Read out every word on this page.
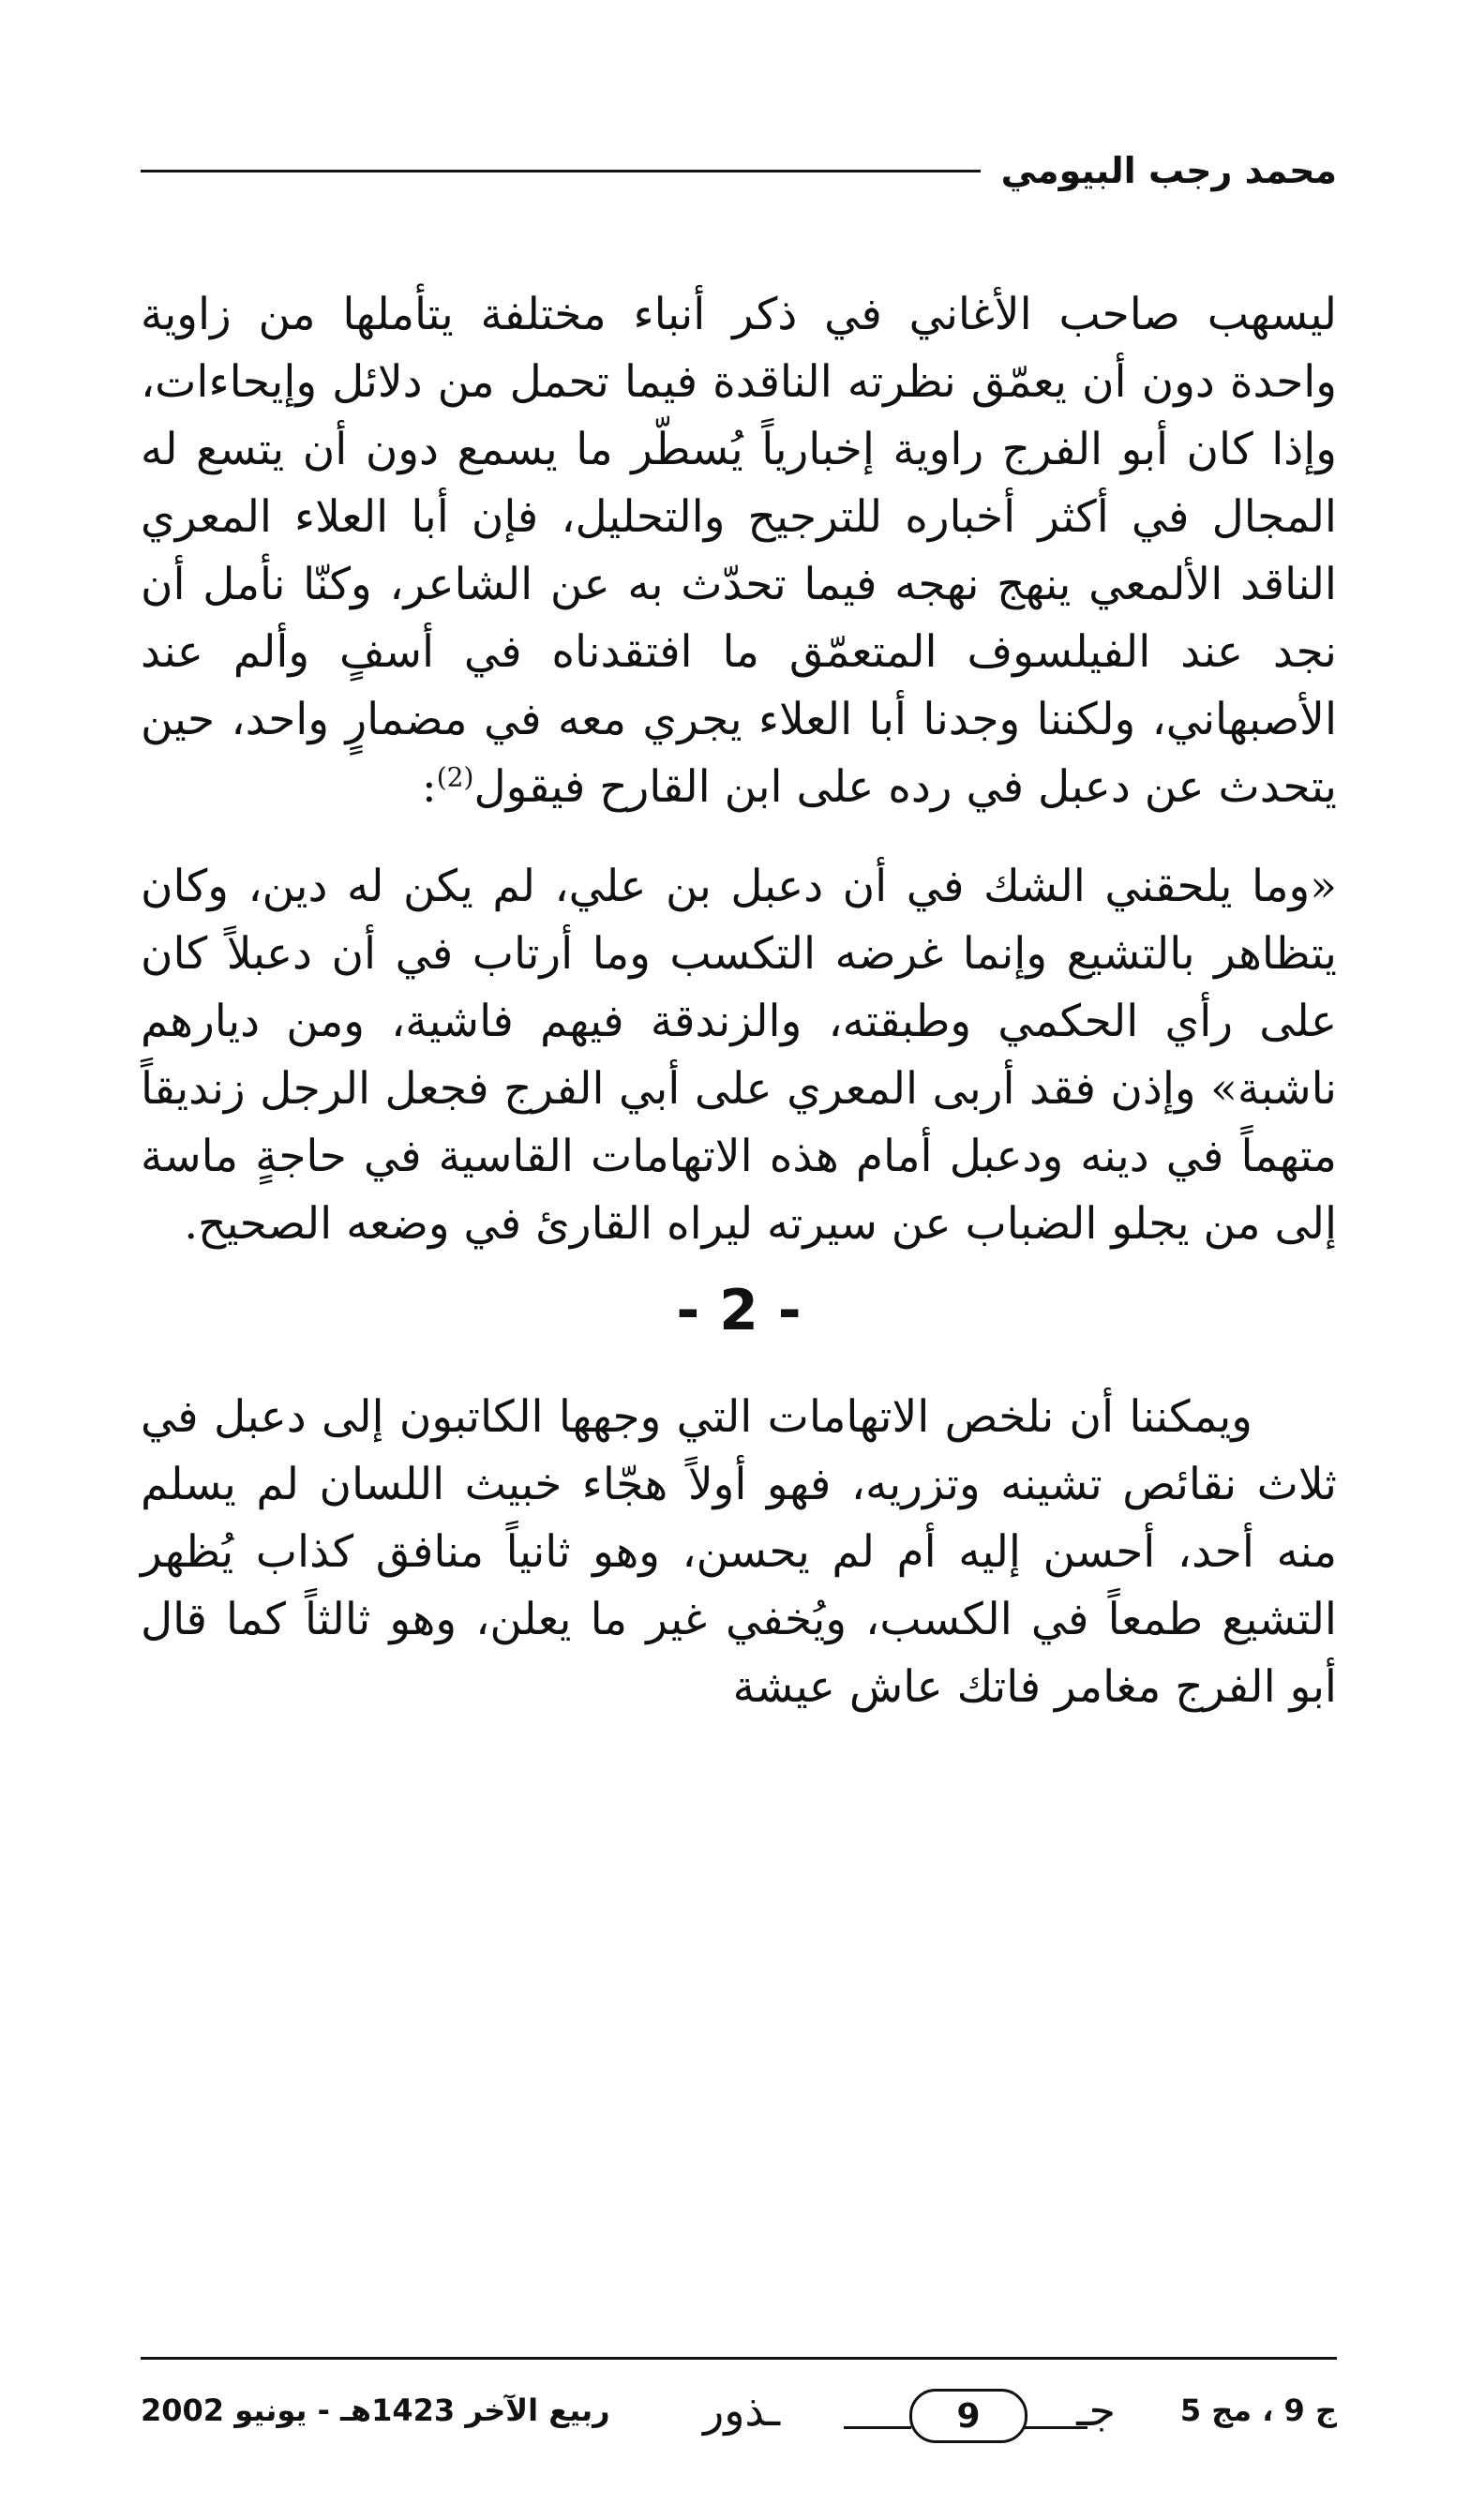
محمد رجب البيومي

ليسهب صاحب الأغاني في ذكر أنباء مختلفة يتأملها من زاوية واحدة دون أن يعمّق نظرته الناقدة فيما تحمل من دلائل وإيحاءات، وإذا كان أبو الفرج راوية إخبارياً يُسطّر ما يسمع دون أن يتسع له المجال في أكثر أخباره للترجيح والتحليل، فإن أبا العلاء المعري الناقد الألمعي ينهج نهجه فيما تحدّث به عن الشاعر، وكنّا نأمل أن نجد عند الفيلسوف المتعمّق ما افتقدناه في أسفٍ وألم عند الأصبهاني، ولكننا وجدنا أبا العلاء يجري معه في مضمارٍ واحد، حين يتحدث عن دعبل في رده على ابن القارح فيقول$^{(2)}$:

«وما يلحقني الشك في أن دعبل بن علي، لم يكن له دين، وكان يتظاهر بالتشيع وإنما غرضه التكسب وما أرتاب في أن دعبلاً كان على رأي الحكمي وطبقته، والزندقة فيهم فاشية، ومن ديارهم ناشبة» وإذن فقد أربى المعري على أبي الفرج فجعل الرجل زنديقاً متهماً في دينه ودعبل أمام هذه الاتهامات القاسية في حاجةٍ ماسة إلى من يجلو الضباب عن سيرته ليراه القارئ في وضعه الصحيح.

- 2 -

ويمكننا أن نلخص الاتهامات التي وجهها الكاتبون إلى دعبل في ثلاث نقائص تشينه وتزريه، فهو أولاً هجّاء خبيث اللسان لم يسلم منه أحد، أحسن إليه أم لم يحسن، وهو ثانياً منافق كذاب يُظهر التشيع طمعاً في الكسب، ويُخفي غير ما يعلن، وهو ثالثاً كما قال أبو الفرج مغامر فاتك عاش عيشة

ج 9 ، مج 5
جـ
9
ـذور
ربيع الآخر 1423هـ - يونيو 2002
